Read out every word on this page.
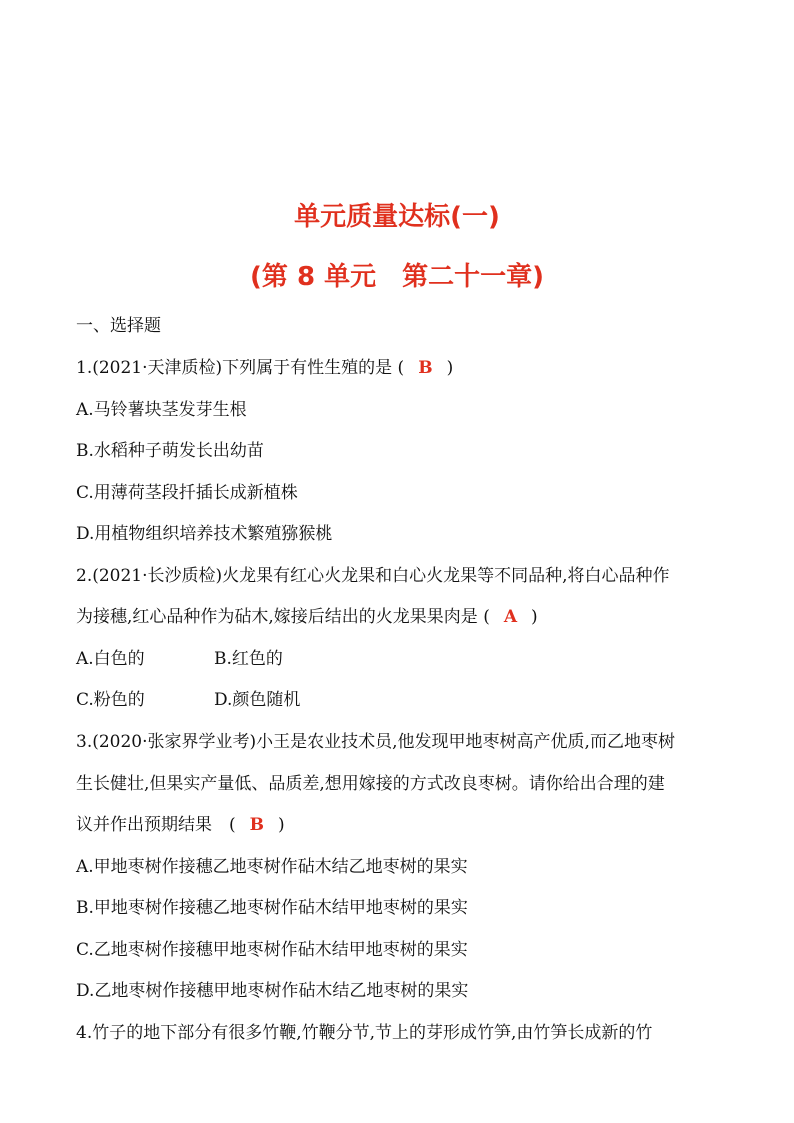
单元质量达标(一)
(第 8 单元　第二十一章)
一、选择题
1.(2021·天津质检)下列属于有性生殖的是 ( B )
A.马铃薯块茎发芽生根
B.水稻种子萌发长出幼苗
C.用薄荷茎段扦插长成新植株
D.用植物组织培养技术繁殖猕猴桃
2.(2021·长沙质检)火龙果有红心火龙果和白心火龙果等不同品种,将白心品种作
为接穗,红心品种作为砧木,嫁接后结出的火龙果果肉是 ( A )
A.白色的	B.红色的
C.粉色的	D.颜色随机
3.(2020·张家界学业考)小王是农业技术员,他发现甲地枣树高产优质,而乙地枣树
生长健壮,但果实产量低、品质差,想用嫁接的方式改良枣树。请你给出合理的建
议并作出预期结果　( B )
A.甲地枣树作接穗乙地枣树作砧木结乙地枣树的果实
B.甲地枣树作接穗乙地枣树作砧木结甲地枣树的果实
C.乙地枣树作接穗甲地枣树作砧木结甲地枣树的果实
D.乙地枣树作接穗甲地枣树作砧木结乙地枣树的果实
4.竹子的地下部分有很多竹鞭,竹鞭分节,节上的芽形成竹笋,由竹笋长成新的竹
